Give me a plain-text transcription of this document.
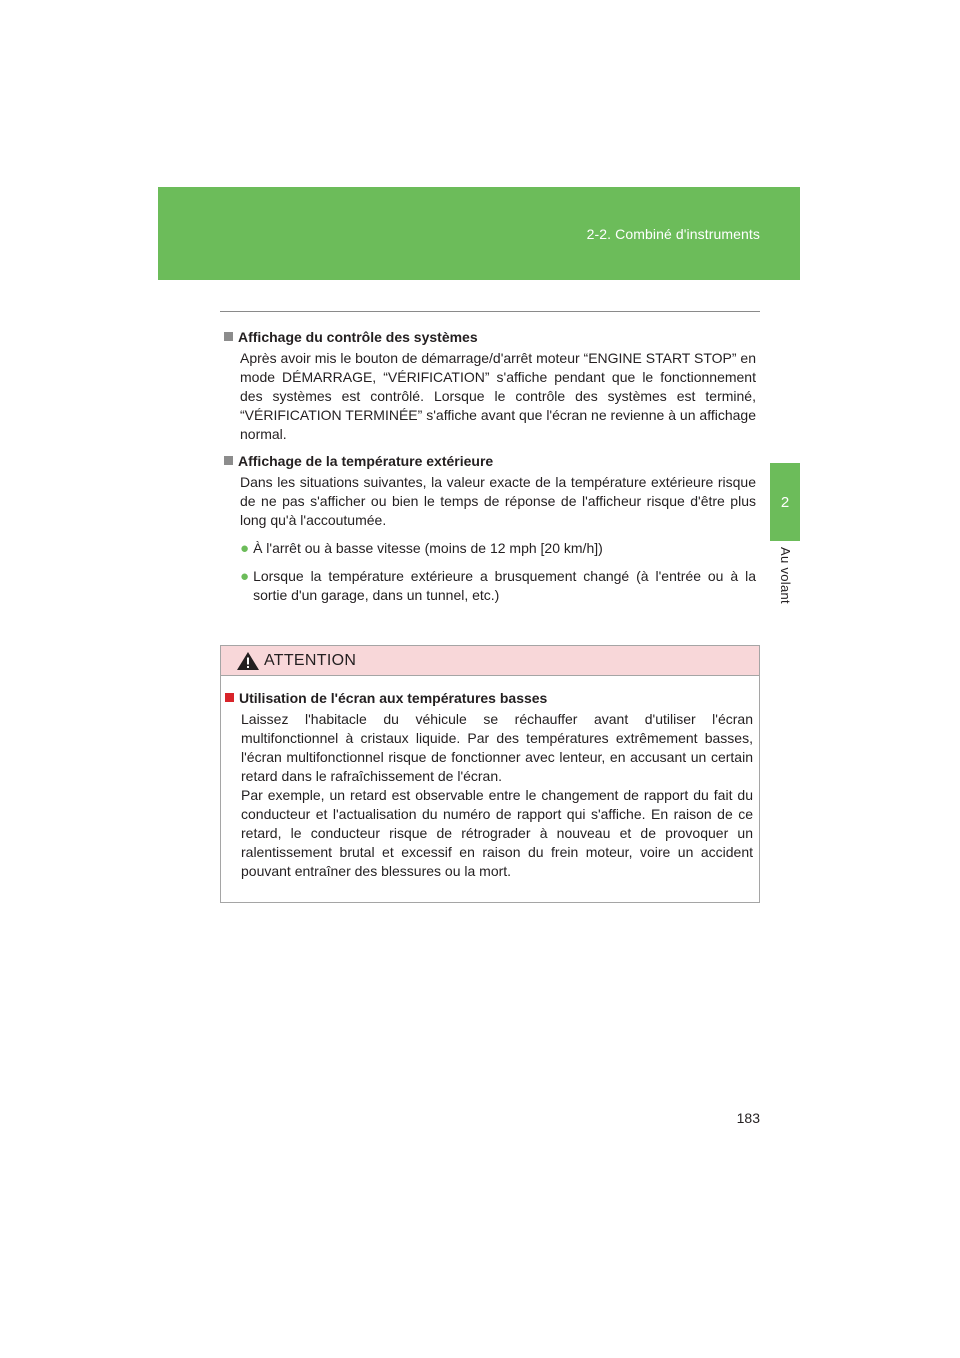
2-2. Combiné d'instruments
2
Au volant
Affichage du contrôle des systèmes
Après avoir mis le bouton de démarrage/d'arrêt moteur “ENGINE START STOP” en mode DÉMARRAGE, “VÉRIFICATION” s'affiche pendant que le fonctionnement des systèmes est contrôlé. Lorsque le contrôle des systèmes est terminé, “VÉRIFICATION TERMINÉE” s'affiche avant que l'écran ne revienne à un affichage normal.
Affichage de la température extérieure
Dans les situations suivantes, la valeur exacte de la température extérieure risque de ne pas s'afficher ou bien le temps de réponse de l'afficheur risque d'être plus long qu'à l'accoutumée.
● À l'arrêt ou à basse vitesse (moins de 12 mph [20 km/h])
● Lorsque la température extérieure a brusquement changé (à l'entrée ou à la sortie d'un garage, dans un tunnel, etc.)
ATTENTION
Utilisation de l'écran aux températures basses
Laissez l'habitacle du véhicule se réchauffer avant d'utiliser l'écran multifonctionnel à cristaux liquide. Par des températures extrêmement basses, l'écran multifonctionnel risque de fonctionner avec lenteur, en accusant un certain retard dans le rafraîchissement de l'écran.
Par exemple, un retard est observable entre le changement de rapport du fait du conducteur et l'actualisation du numéro de rapport qui s'affiche. En raison de ce retard, le conducteur risque de rétrograder à nouveau et de provoquer un ralentissement brutal et excessif en raison du frein moteur, voire un accident pouvant entraîner des blessures ou la mort.
183
